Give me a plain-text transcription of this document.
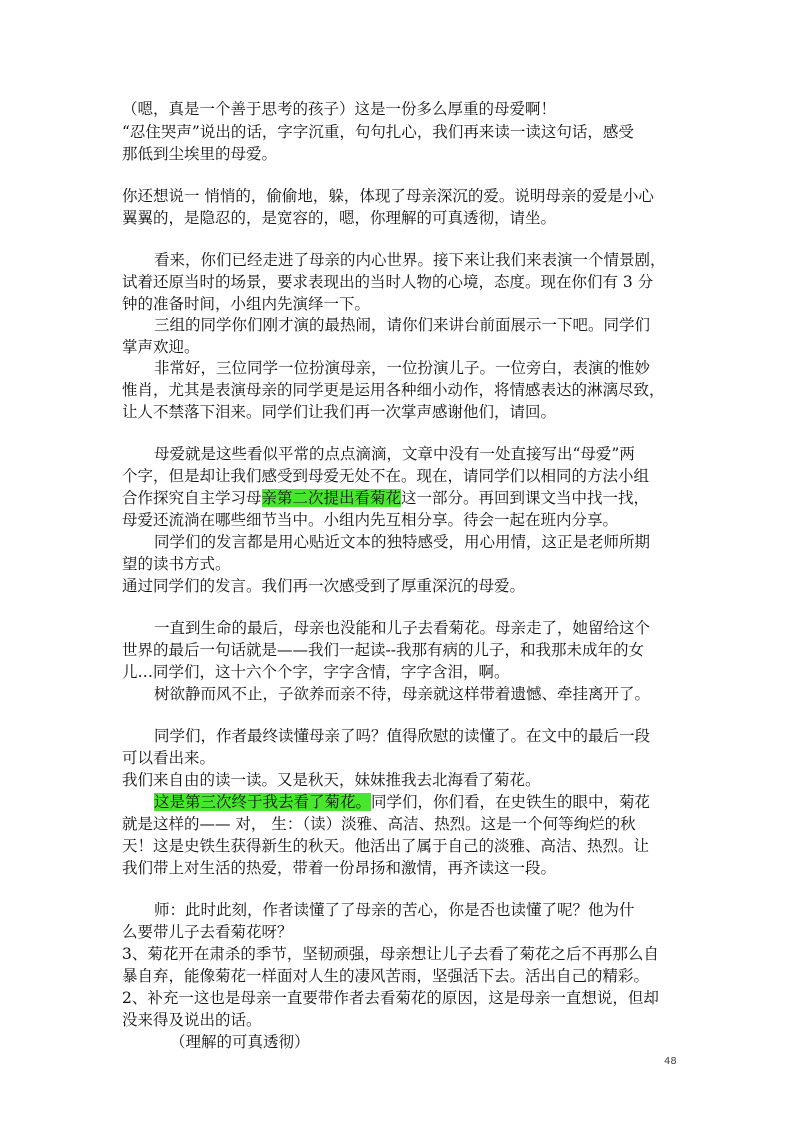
（嗯，真是一个善于思考的孩子）这是一份多么厚重的母爱啊！
“忍住哭声”说出的话，字字沉重，句句扎心，我们再来读一读这句话，感受
那低到尘埃里的母爱。
你还想说一 悄悄的，偷偷地，躲，体现了母亲深沉的爱。说明母亲的爱是小心
翼翼的，是隐忍的，是宽容的，嗯，你理解的可真透彻，请坐。
看来，你们已经走进了母亲的内心世界。接下来让我们来表演一个情景剧，
试着还原当时的场景，要求表现出的当时人物的心境，态度。现在你们有 3 分
钟的准备时间，小组内先演绎一下。
三组的同学你们刚才演的最热闹，请你们来讲台前面展示一下吧。同学们
掌声欢迎。
非常好，三位同学一位扮演母亲，一位扮演儿子。一位旁白，表演的惟妙
惟肖，尤其是表演母亲的同学更是运用各种细小动作，将情感表达的淋漓尽致，
让人不禁落下泪来。同学们让我们再一次掌声感谢他们，请回。
母爱就是这些看似平常的点点滴滴，文章中没有一处直接写出“母爱”两
个字，但是却让我们感受到母爱无处不在。现在，请同学们以相同的方法小组
合作探究自主学习母亲第二次提出看菊花这一部分。再回到课文当中找一找，
母爱还流淌在哪些细节当中。小组内先互相分享。待会一起在班内分享。
同学们的发言都是用心贴近文本的独特感受，用心用情，这正是老师所期
望的读书方式。
通过同学们的发言。我们再一次感受到了厚重深沉的母爱。
一直到生命的最后，母亲也没能和儿子去看菊花。母亲走了，她留给这个
世界的最后一句话就是——我们一起读--我那有病的儿子，和我那未成年的女
儿…同学们，这十六个个字，字字含情，字字含泪，啊。
树欲静而风不止，子欲养而亲不待，母亲就这样带着遗憾、牵挂离开了。
同学们，作者最终读懂母亲了吗？值得欣慰的读懂了。在文中的最后一段
可以看出来。
我们来自由的读一读。又是秋天，妹妹推我去北海看了菊花。
这是第三次终于我去看了菊花。同学们，你们看，在史铁生的眼中，菊花
就是这样的—— 对， 生：（读）淡雅、高洁、热烈。这是一个何等绚烂的秋
天！这是史铁生获得新生的秋天。他活出了属于自己的淡雅、高洁、热烈。让
我们带上对生活的热爱，带着一份昂扬和激情，再齐读这一段。
师：此时此刻，作者读懂了了母亲的苦心，你是否也读懂了呢？他为什
么要带儿子去看菊花呀？
3、菊花开在肃杀的季节，坚韧顽强，母亲想让儿子去看了菊花之后不再那么自
暴自弃，能像菊花一样面对人生的凄风苦雨，坚强活下去。活出自己的精彩。
2、补充一这也是母亲一直要带作者去看菊花的原因，这是母亲一直想说，但却
没来得及说出的话。
（理解的可真透彻）
48
